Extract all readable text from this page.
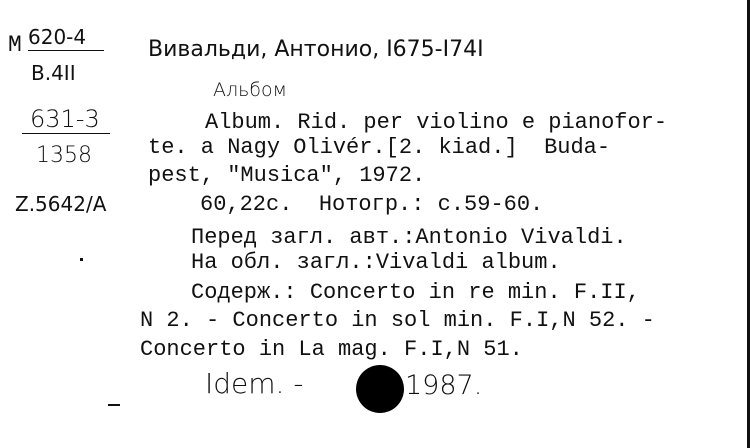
M 620-4
B.4II
631-3
1358
Z.5642/A
Вивальди, Антонио, I675-I74I
Альбом
Album. Rid. per violino e pianofor-
te. a Nagy Olivér.[2. kiad.]  Buda-
pest, "Musica", 1972.
60,22с.  Нотогр.: с.59-60.
Перед загл. авт.:Antonio Vivaldi.
На обл. загл.:Vivaldi album.
Содерж.: Concerto in re min. F.II,
N 2. - Concerto in sol min. F.I,N 52. -
Concerto in La mag. F.I,N 51.
Idem. -	1987.
